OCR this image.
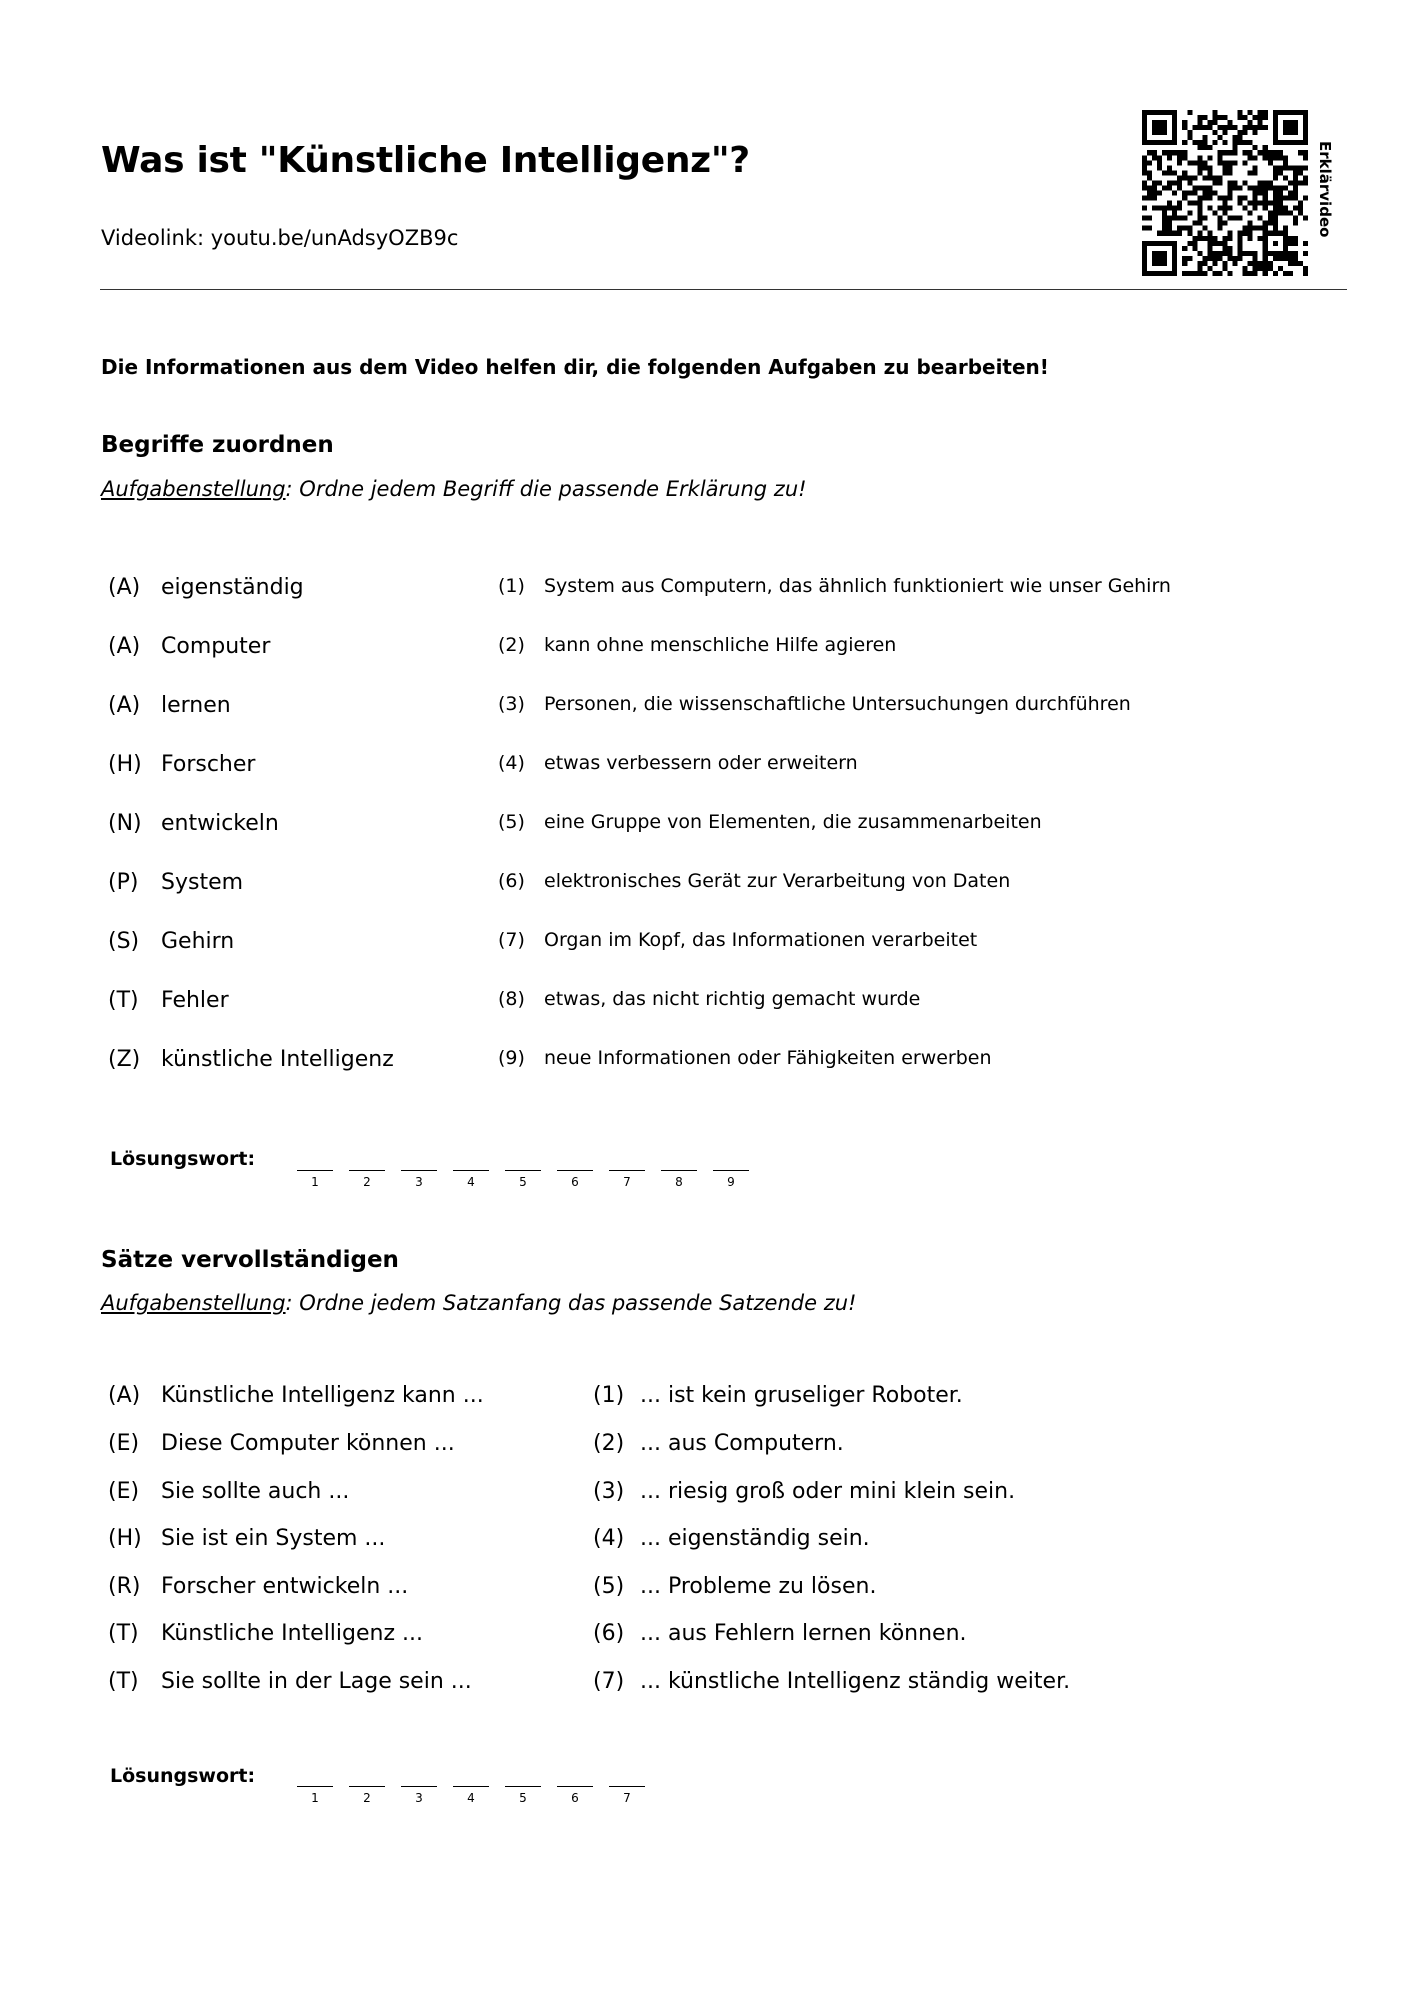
Was ist "Künstliche Intelligenz"?
Videolink: youtu.be/unAdsyOZB9c
Erklärvideo
Die Informationen aus dem Video helfen dir, die folgenden Aufgaben zu bearbeiten!
Begriffe zuordnen
Aufgabenstellung: Ordne jedem Begriff die passende Erklärung zu!
(A) eigenständig	(1) System aus Computern, das ähnlich funktioniert wie unser Gehirn
(A) Computer	(2) kann ohne menschliche Hilfe agieren
(A) lernen	(3) Personen, die wissenschaftliche Untersuchungen durchführen
(H) Forscher	(4) etwas verbessern oder erweitern
(N) entwickeln	(5) eine Gruppe von Elementen, die zusammenarbeiten
(P) System	(6) elektronisches Gerät zur Verarbeitung von Daten
(S) Gehirn	(7) Organ im Kopf, das Informationen verarbeitet
(T) Fehler	(8) etwas, das nicht richtig gemacht wurde
(Z) künstliche Intelligenz	(9) neue Informationen oder Fähigkeiten erwerben
Lösungswort:
1	2	3	4	5	6	7	8	9
Sätze vervollständigen
Aufgabenstellung: Ordne jedem Satzanfang das passende Satzende zu!
(A) Künstliche Intelligenz kann ...	(1) ... ist kein gruseliger Roboter.
(E) Diese Computer können ...	(2) ... aus Computern.
(E) Sie sollte auch ...	(3) ... riesig groß oder mini klein sein.
(H) Sie ist ein System ...	(4) ... eigenständig sein.
(R) Forscher entwickeln ...	(5) ... Probleme zu lösen.
(T) Künstliche Intelligenz ...	(6) ... aus Fehlern lernen können.
(T) Sie sollte in der Lage sein ...	(7) ... künstliche Intelligenz ständig weiter.
Lösungswort:
1	2	3	4	5	6	7
